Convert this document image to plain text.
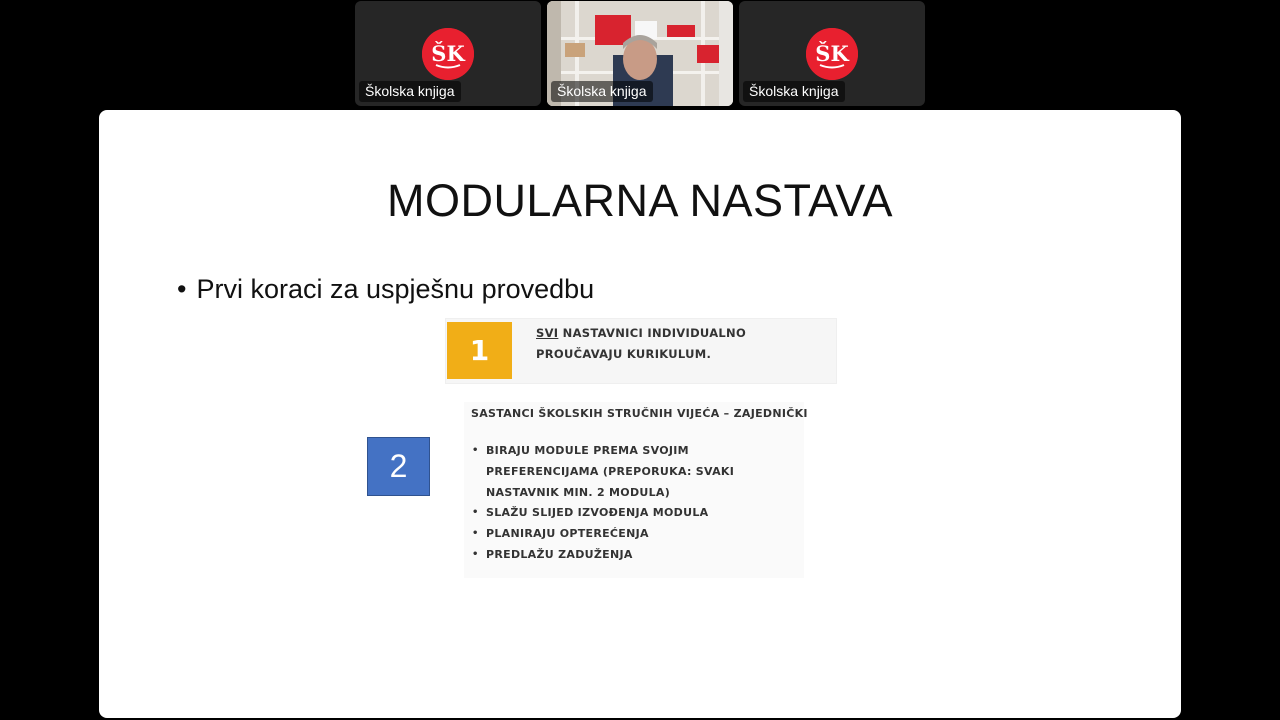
ŠK
Školska knjiga	Školska knjiga
ŠK
Školska knjiga
MODULARNA NASTAVA
• Prvi koraci za uspješnu provedbu
1
SVI NASTAVNICI INDIVIDUALNO PROUČAVAJU KURIKULUM.
SASTANCI ŠKOLSKIH STRUČNIH VIJEĆA – ZAJEDNIČKI
2
•	BIRAJU MODULE PREMA SVOJIM PREFERENCIJAMA (PREPORUKA: SVAKI NASTAVNIK MIN. 2 MODULA)
• SLAŽU SLIJED IZVOĐENJA MODULA
• PLANIRAJU OPTEREĆENJA
• PREDLAŽU ZADUŽENJA
